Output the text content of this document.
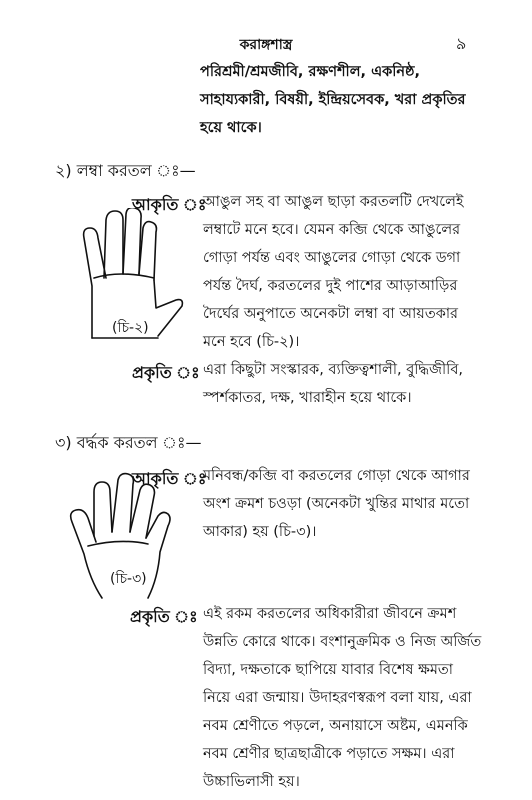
করাঙ্গশাস্ত্র	৯
পরিশ্রমী/শ্রমজীবি, রক্ষণশীল, একনিষ্ঠ,
সাহায্যকারী, বিষয়ী, ইন্দ্রিয়সেবক, খরা প্রকৃতির
হয়ে থাকে।
২) লম্বা করতল ঃ—
আকৃতি ঃ
আঙুল সহ বা আঙুল ছাড়া করতলটি দেখলেই
লম্বাটে মনে হবে। যেমন কব্জি থেকে আঙুলের
গোড়া পর্যন্ত এবং আঙুলের গোড়া থেকে ডগা
পর্যন্ত দৈর্ঘ, করতলের দুই পাশের আড়াআড়ির
দৈর্ঘের অনুপাতে অনেকটা লম্বা বা আয়তকার
মনে হবে (চি-২)।
(চি-২)
প্রকৃতি ঃ এরা কিছুটা সংস্কারক, ব্যক্তিত্বশালী, বুদ্ধিজীবি,
স্পর্শকাতর, দক্ষ, খারাহীন হয়ে থাকে।
৩) বর্দ্ধক করতল ঃ—
আকৃতি ঃ
মনিবন্ধ/কব্জি বা করতলের গোড়া থেকে আগার
অংশ ক্রমশ চওড়া (অনেকটা খুন্তির মাথার মতো
আকার) হয় (চি-৩)।
(চি-৩)
প্রকৃতি ঃ এই রকম করতলের অধিকারীরা জীবনে ক্রমশ
উন্নতি কোরে থাকে। বংশানুক্রমিক ও নিজ অর্জিত
বিদ্যা, দক্ষতাকে ছাপিয়ে যাবার বিশেষ ক্ষমতা
নিয়ে এরা জন্মায়। উদাহরণস্বরূপ বলা যায়, এরা
নবম শ্রেণীতে পড়লে, অনায়াসে অষ্টম, এমনকি
নবম শ্রেণীর ছাত্রছাত্রীকে পড়াতে সক্ষম। এরা
উচ্চাভিলাসী হয়।
